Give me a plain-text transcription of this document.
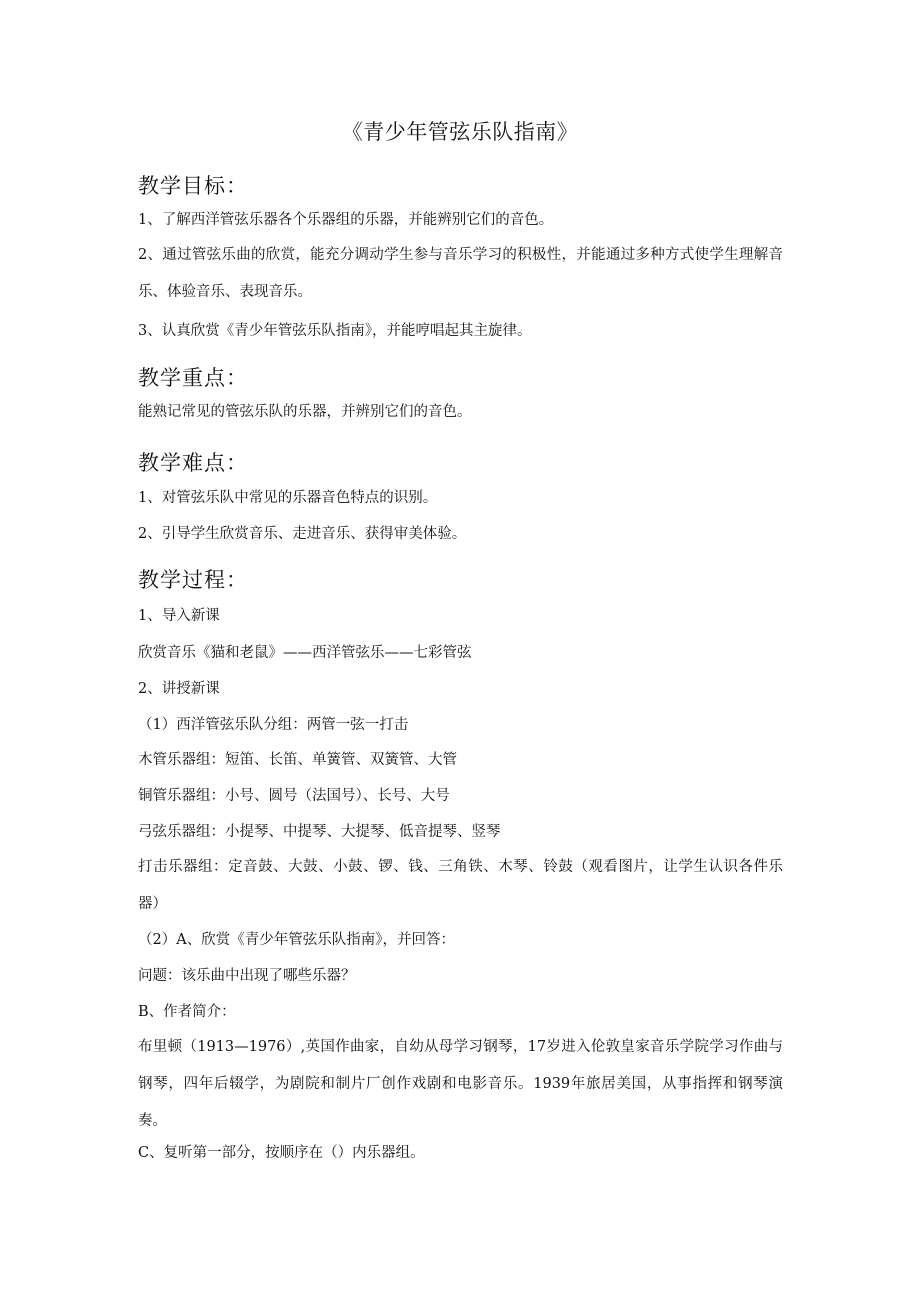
《青少年管弦乐队指南》
教学目标：
1、了解西洋管弦乐器各个乐器组的乐器，并能辨别它们的音色。
2、通过管弦乐曲的欣赏，能充分调动学生参与音乐学习的积极性，并能通过多种方式使学生理解音乐、体验音乐、表现音乐。
3、认真欣赏《青少年管弦乐队指南》，并能哼唱起其主旋律。
教学重点：
能熟记常见的管弦乐队的乐器，并辨别它们的音色。
教学难点：
1、对管弦乐队中常见的乐器音色特点的识别。
2、引导学生欣赏音乐、走进音乐、获得审美体验。
教学过程：
1、导入新课
欣赏音乐《猫和老鼠》——西洋管弦乐——七彩管弦
2、讲授新课
（1）西洋管弦乐队分组：两管一弦一打击
木管乐器组：短笛、长笛、单簧管、双簧管、大管
铜管乐器组：小号、圆号（法国号）、长号、大号
弓弦乐器组：小提琴、中提琴、大提琴、低音提琴、竖琴
打击乐器组：定音鼓、大鼓、小鼓、锣、钱、三角铁、木琴、铃鼓（观看图片，让学生认识各件乐器）
（2）A、欣赏《青少年管弦乐队指南》，并回答：
问题：该乐曲中出现了哪些乐器？
B、作者简介：
布里顿（1913—1976）,英国作曲家，自幼从母学习钢琴，17岁进入伦敦皇家音乐学院学习作曲与钢琴，四年后辍学，为剧院和制片厂创作戏剧和电影音乐。1939年旅居美国，从事指挥和钢琴演奏。
C、复听第一部分，按顺序在（）内乐器组。
